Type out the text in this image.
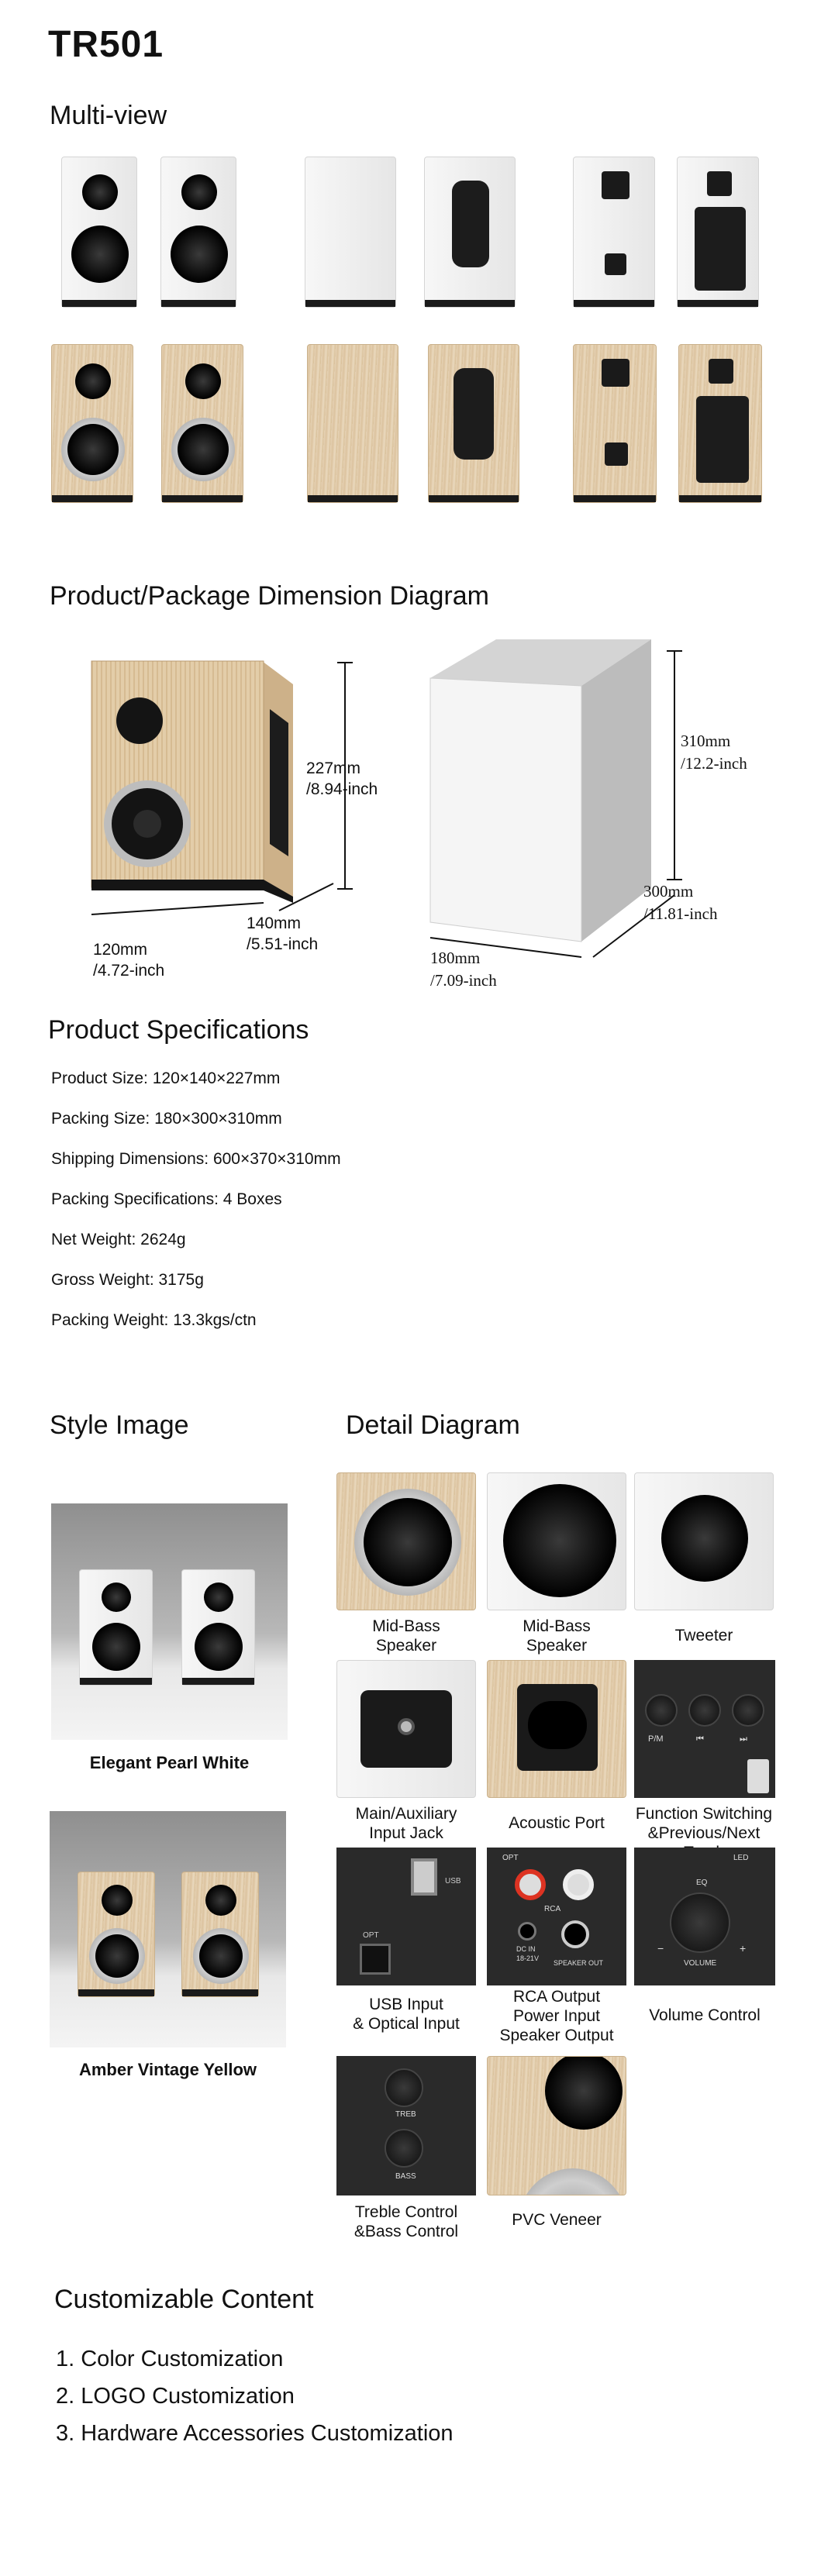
TR501
Multi-view
Product/Package Dimension Diagram
227mm
/8.94-inch
120mm
/4.72-inch
140mm
/5.51-inch
310mm
/12.2-inch
300mm
/11.81-inch
180mm
/7.09-inch
Product Specifications
Product Size: 120×140×227mm
Packing Size: 180×300×310mm
Shipping Dimensions: 600×370×310mm
Packing Specifications: 4 Boxes
Net Weight: 2624g
Gross Weight: 3175g
Packing Weight: 13.3kgs/ctn
Style Image
Elegant Pearl White
Amber Vintage Yellow
Detail Diagram
Mid-Bass
Speaker
Mid-Bass
Speaker
Tweeter
Main/Auxiliary
Input Jack
Acoustic Port
P/M	⏮	⏭
Function Switching
&Previous/Next
USB
OPT
USB Input
& Optical Input
OPT
RCA
DC IN
18-21V
SPEAKER OUT
RCA Output
Power Input
Speaker Output
LED
EQ
−	+
VOLUME
Volume Control
TREB
BASS
Treble Control
&Bass Control
PVC Veneer
Customizable Content
1. Color Customization
2. LOGO Customization
3. Hardware Accessories Customization
